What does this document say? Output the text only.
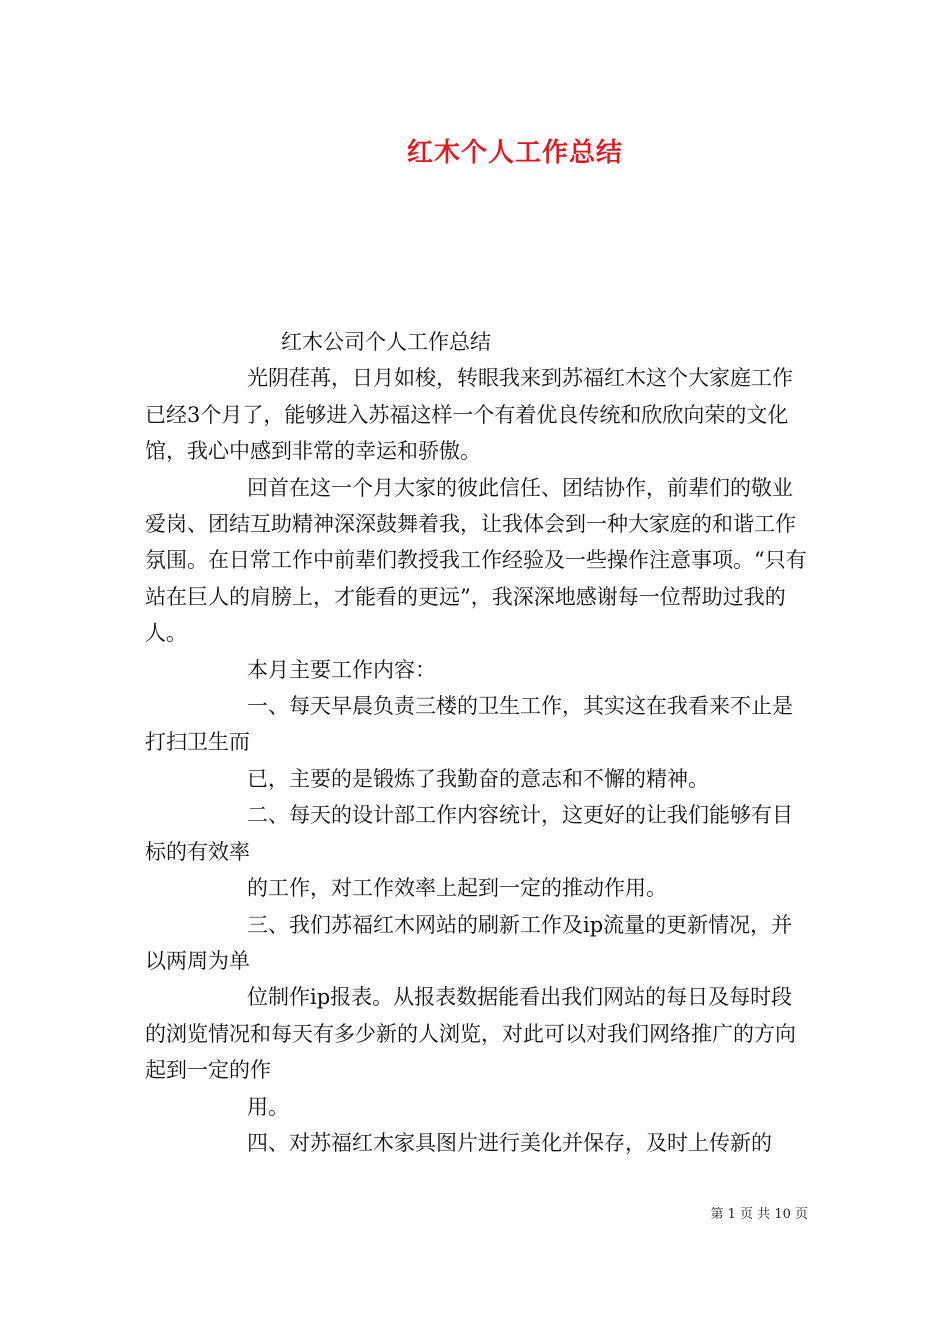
红木个人工作总结

红木公司个人工作总结

光阴荏苒，日月如梭，转眼我来到苏福红木这个大家庭工作已经3个月了，能够进入苏福这样一个有着优良传统和欣欣向荣的文化馆，我心中感到非常的幸运和骄傲。

回首在这一个月大家的彼此信任、团结协作，前辈们的敬业爱岗、团结互助精神深深鼓舞着我，让我体会到一种大家庭的和谐工作氛围。在日常工作中前辈们教授我工作经验及一些操作注意事项。“只有站在巨人的肩膀上，才能看的更远”，我深深地感谢每一位帮助过我的人。

本月主要工作内容：

一、每天早晨负责三楼的卫生工作，其实这在我看来不止是打扫卫生而

已，主要的是锻炼了我勤奋的意志和不懈的精神。

二、每天的设计部工作内容统计，这更好的让我们能够有目标的有效率

的工作，对工作效率上起到一定的推动作用。

三、我们苏福红木网站的刷新工作及ip流量的更新情况，并以两周为单

位制作ip报表。从报表数据能看出我们网站的每日及每时段的浏览情况和每天有多少新的人浏览，对此可以对我们网络推广的方向起到一定的作

用。

四、对苏福红木家具图片进行美化并保存，及时上传新的

第 1 页 共 10 页
